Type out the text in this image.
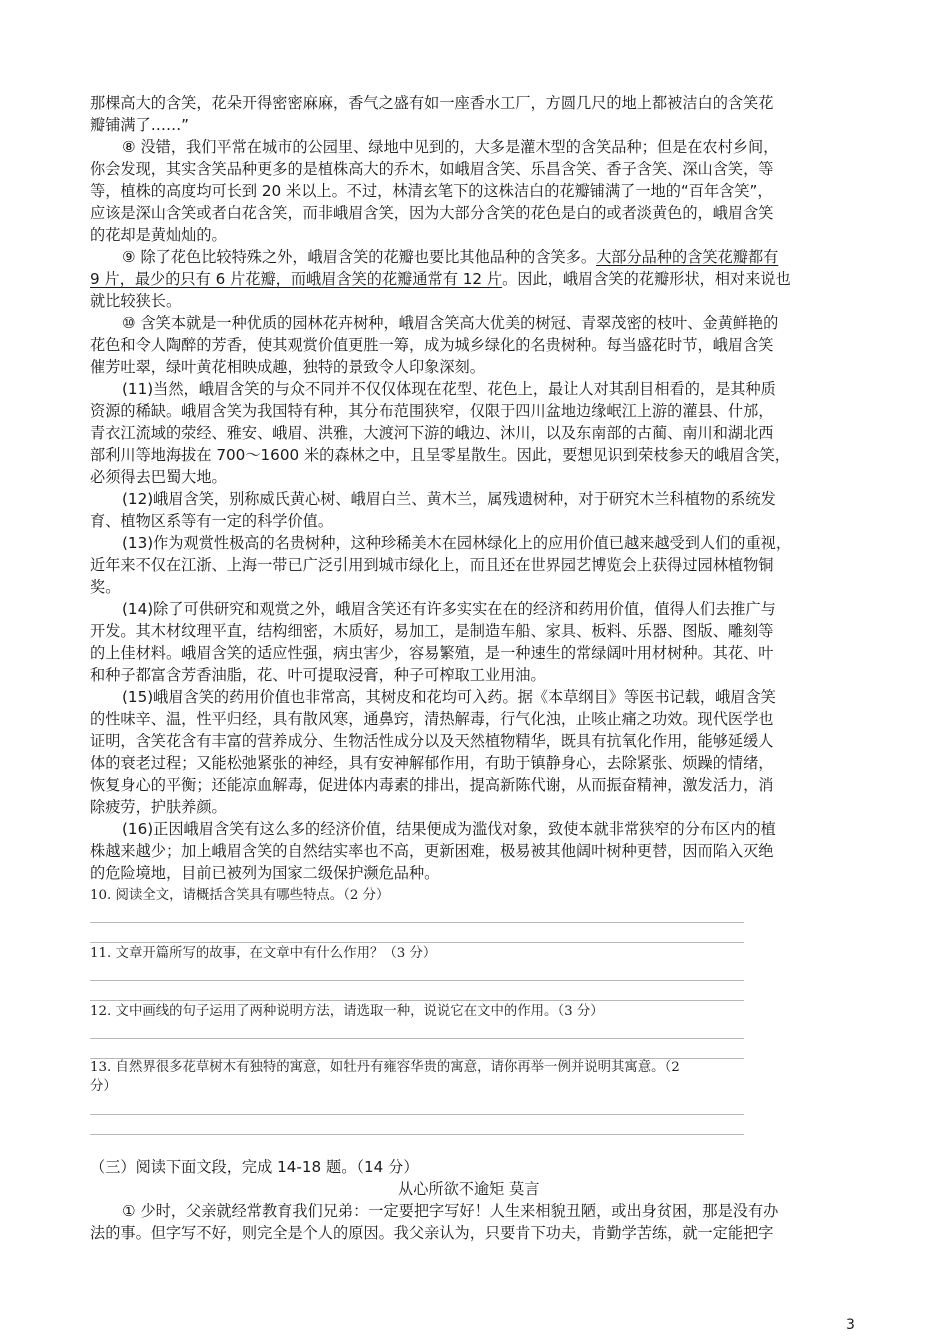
那棵高大的含笑，花朵开得密密麻麻，香气之盛有如一座香水工厂，方圆几尺的地上都被洁白的含笑花
瓣铺满了……”
⑧ 没错，我们平常在城市的公园里、绿地中见到的，大多是灌木型的含笑品种；但是在农村乡间，
你会发现，其实含笑品种更多的是植株高大的乔木，如峨眉含笑、乐昌含笑、香子含笑、深山含笑，等
等，植株的高度均可长到 20 米以上。不过，林清玄笔下的这株洁白的花瓣铺满了一地的“百年含笑”，
应该是深山含笑或者白花含笑，而非峨眉含笑，因为大部分含笑的花色是白的或者淡黄色的，峨眉含笑
的花却是黄灿灿的。
⑨ 除了花色比较特殊之外，峨眉含笑的花瓣也要比其他品种的含笑多。大部分品种的含笑花瓣都有
9 片，最少的只有 6 片花瓣，而峨眉含笑的花瓣通常有 12 片。因此，峨眉含笑的花瓣形状，相对来说也
就比较狭长。
⑩ 含笑本就是一种优质的园林花卉树种，峨眉含笑高大优美的树冠、青翠茂密的枝叶、金黄鲜艳的
花色和令人陶醉的芳香，使其观赏价值更胜一筹，成为城乡绿化的名贵树种。每当盛花时节，峨眉含笑
催芳吐翠，绿叶黄花相映成趣，独特的景致令人印象深刻。
(11)当然，峨眉含笑的与众不同并不仅仅体现在花型、花色上，最让人对其刮目相看的，是其种质
资源的稀缺。峨眉含笑为我国特有种，其分布范围狭窄，仅限于四川盆地边缘岷江上游的灌县、什邡，
青衣江流域的荥经、雅安、峨眉、洪雅，大渡河下游的峨边、沐川，以及东南部的古蔺、南川和湖北西
部利川等地海拔在 700～1600 米的森林之中，且呈零星散生。因此，要想见识到荣枝参天的峨眉含笑，
必须得去巴蜀大地。
(12)峨眉含笑，别称威氏黄心树、峨眉白兰、黄木兰，属残遗树种，对于研究木兰科植物的系统发
育、植物区系等有一定的科学价值。
(13)作为观赏性极高的名贵树种，这种珍稀美木在园林绿化上的应用价值已越来越受到人们的重视，
近年来不仅在江浙、上海一带已广泛引用到城市绿化上，而且还在世界园艺博览会上获得过园林植物铜
奖。
(14)除了可供研究和观赏之外，峨眉含笑还有许多实实在在的经济和药用价值，值得人们去推广与
开发。其木材纹理平直，结构细密，木质好，易加工，是制造车船、家具、板料、乐器、图版、雕刻等
的上佳材料。峨眉含笑的适应性强，病虫害少，容易繁殖，是一种速生的常绿阔叶用材树种。其花、叶
和种子都富含芳香油脂，花、叶可提取浸膏，种子可榨取工业用油。
(15)峨眉含笑的药用价值也非常高，其树皮和花均可入药。据《本草纲目》等医书记载，峨眉含笑
的性味辛、温，性平归经，具有散风寒，通鼻窍，清热解毒，行气化浊，止咳止痛之功效。现代医学也
证明，含笑花含有丰富的营养成分、生物活性成分以及天然植物精华，既具有抗氧化作用，能够延缓人
体的衰老过程；又能松弛紧张的神经，具有安神解郁作用，有助于镇静身心，去除紧张、烦躁的情绪，
恢复身心的平衡；还能凉血解毒，促进体内毒素的排出，提高新陈代谢，从而振奋精神，激发活力，消
除疲劳，护肤养颜。
(16)正因峨眉含笑有这么多的经济价值，结果便成为滥伐对象，致使本就非常狭窄的分布区内的植
株越来越少；加上峨眉含笑的自然结实率也不高，更新困难，极易被其他阔叶树种更替，因而陷入灭绝
的危险境地，目前已被列为国家二级保护濒危品种。
10. 阅读全文，请概括含笑具有哪些特点。（2 分）
11. 文章开篇所写的故事，在文章中有什么作用？（3 分）
12. 文中画线的句子运用了两种说明方法，请选取一种，说说它在文中的作用。（3 分）
13. 自然界很多花草树木有独特的寓意，如牡丹有雍容华贵的寓意，请你再举一例并说明其寓意。（2
分）
（三）阅读下面文段，完成 14-18 题。（14 分）
从心所欲不逾矩 莫言
① 少时，父亲就经常教育我们兄弟：一定要把字写好！人生来相貌丑陋，或出身贫困，那是没有办
法的事。但字写不好，则完全是个人的原因。我父亲认为，只要肯下功夫，肯勤学苦练，就一定能把字
3
